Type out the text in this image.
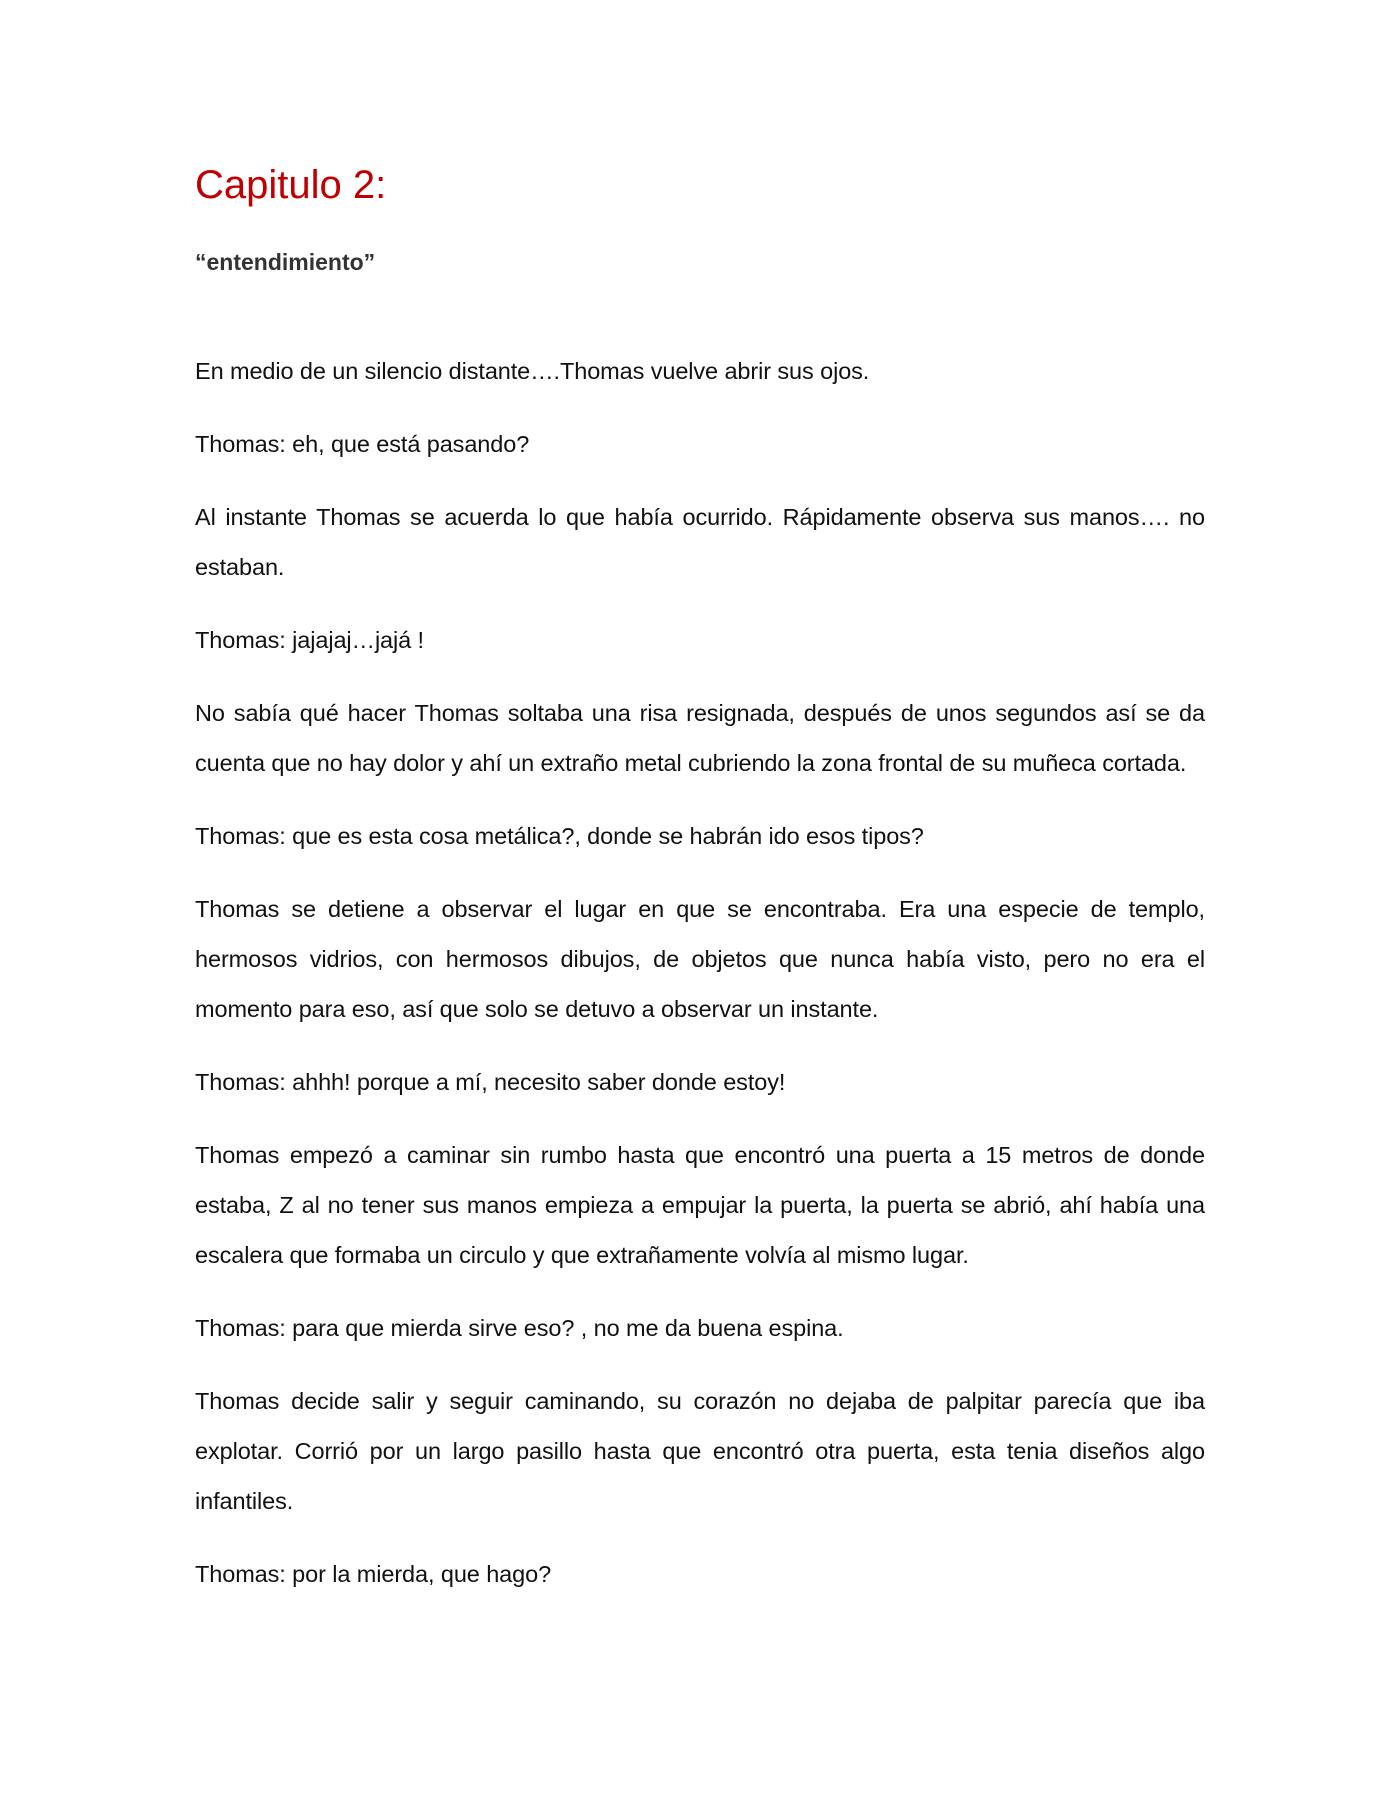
Capitulo 2:
“entendimiento”

En medio de un silencio distante….Thomas vuelve abrir sus ojos.

Thomas: eh, que está pasando?

Al instante Thomas se acuerda lo que había ocurrido. Rápidamente observa sus manos…. no estaban.

Thomas: jajajaj…jajá !

No sabía qué hacer Thomas soltaba una risa resignada, después de unos segundos así se da cuenta que no hay dolor y ahí un extraño metal cubriendo la zona frontal de su muñeca cortada.

Thomas: que es esta cosa metálica?, donde se habrán ido esos tipos?

Thomas se detiene a observar el lugar en que se encontraba. Era una especie de templo, hermosos vidrios, con hermosos dibujos, de objetos que nunca había visto, pero no era el momento para eso, así que solo se detuvo a observar un instante.

Thomas: ahhh! porque a mí, necesito saber donde estoy!

Thomas empezó a caminar sin rumbo hasta que encontró una puerta a 15 metros de donde estaba, Z al no tener sus manos empieza a empujar la puerta, la puerta se abrió, ahí había una escalera que formaba un circulo y que extrañamente volvía al mismo lugar.

Thomas: para que mierda sirve eso? , no me da buena espina.

Thomas decide salir y seguir caminando, su corazón no dejaba de palpitar parecía que iba explotar. Corrió por un largo pasillo hasta que encontró otra puerta, esta tenia diseños algo infantiles.

Thomas: por la mierda, que hago?
